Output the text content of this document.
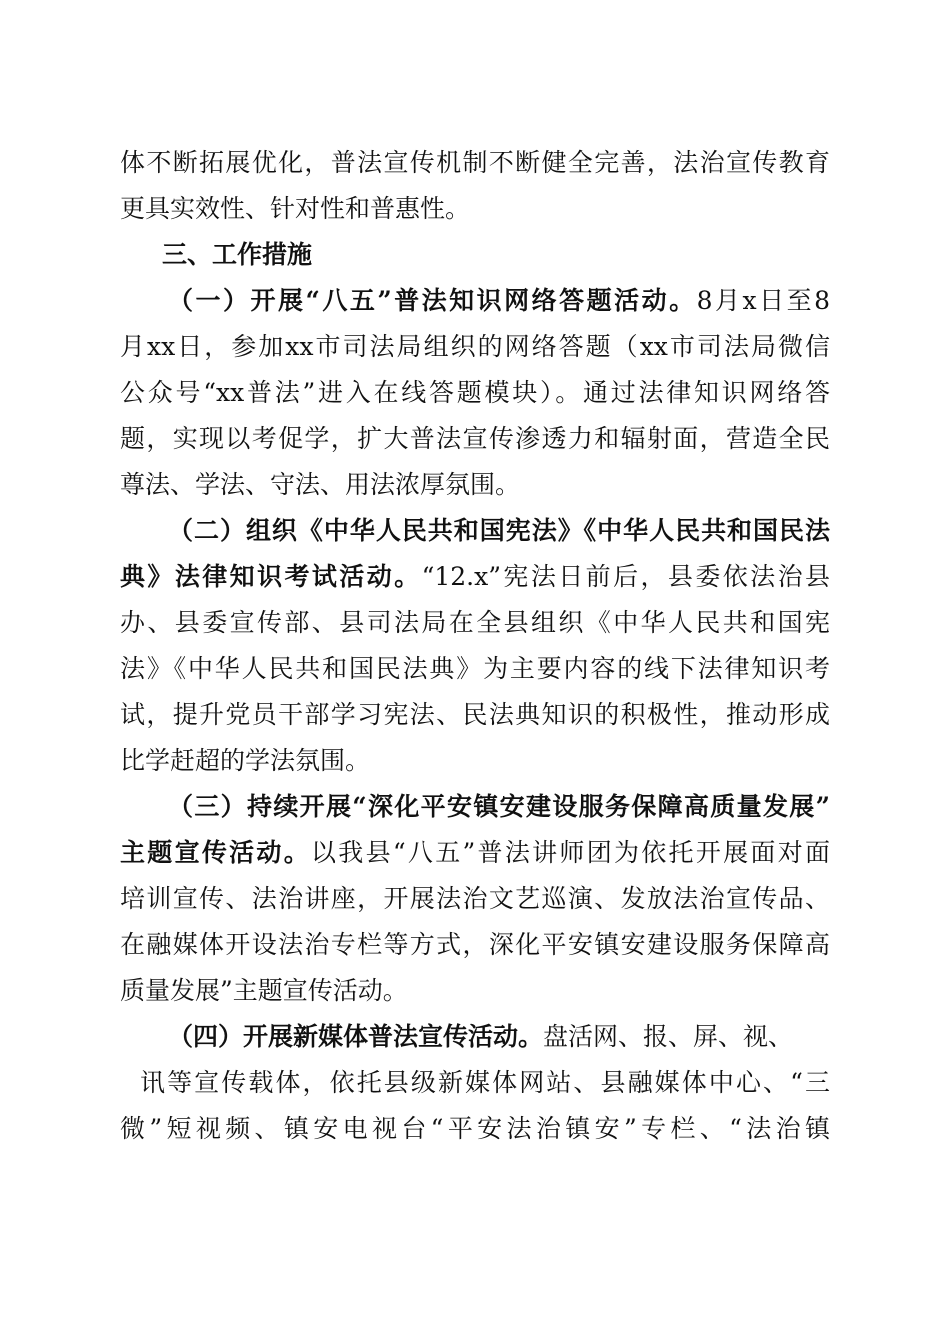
体不断拓展优化，普法宣传机制不断健全完善，法治宣传教育
更具实效性、针对性和普惠性。
三、工作措施
（一）开展“八五”普法知识网络答题活动。8月x日至8
月xx日，参加xx市司法局组织的网络答题（xx市司法局微信
公众号“xx普法”进入在线答题模块）。通过法律知识网络答
题，实现以考促学，扩大普法宣传渗透力和辐射面，营造全民
尊法、学法、守法、用法浓厚氛围。
（二）组织《中华人民共和国宪法》《中华人民共和国民法
典》法律知识考试活动。“12.x”宪法日前后，县委依法治县
办、县委宣传部、县司法局在全县组织《中华人民共和国宪
法》《中华人民共和国民法典》为主要内容的线下法律知识考
试，提升党员干部学习宪法、民法典知识的积极性，推动形成
比学赶超的学法氛围。
（三）持续开展“深化平安镇安建设服务保障高质量发展”
主题宣传活动。以我县“八五”普法讲师团为依托开展面对面
培训宣传、法治讲座，开展法治文艺巡演、发放法治宣传品、
在融媒体开设法治专栏等方式，深化平安镇安建设服务保障高
质量发展”主题宣传活动。
（四）开展新媒体普法宣传活动。盘活网、报、屏、视、
讯等宣传载体，依托县级新媒体网站、县融媒体中心、“三
微”短视频、镇安电视台“平安法治镇安”专栏、“法治镇
